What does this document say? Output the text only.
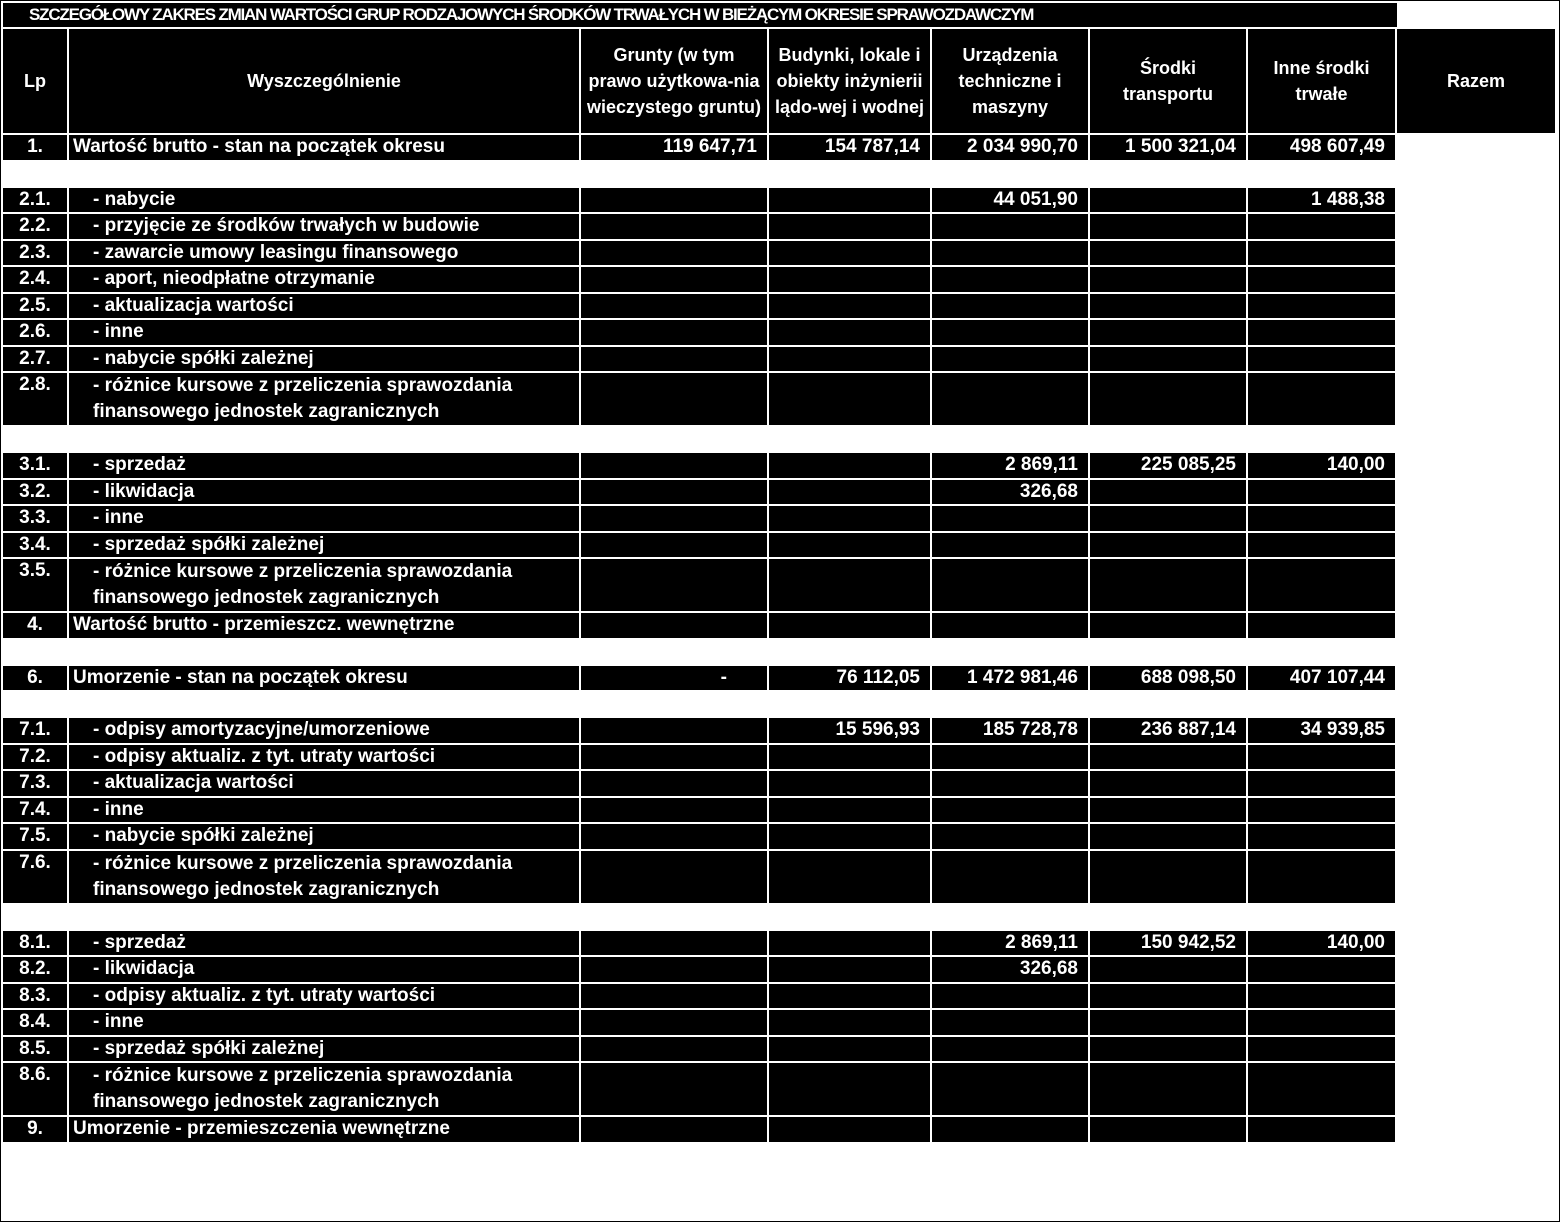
SZCZEGÓŁOWY ZAKRES ZMIAN WARTOŚCI GRUP RODZAJOWYCH ŚRODKÓW TRWAŁYCH W BIEŻĄCYM OKRESIE SPRAWOZDAWCZYM
Lp	Wyszczególnienie	Grunty (w tym prawo użytkowa-nia wieczystego gruntu)	Budynki, lokale i obiekty inżynierii lądo-wej i wodnej	Urządzenia techniczne i maszyny	Środki transportu	Inne środki trwałe	Razem
1.	Wartość brutto - stan na początek okresu	119 647,71	154 787,14	2 034 990,70	1 500 321,04	498 607,49	

2.1.	- nabycie			44 051,90		1 488,38	
2.2.	- przyjęcie ze środków trwałych w budowie						
2.3.	- zawarcie umowy leasingu finansowego						
2.4.	- aport, nieodpłatne otrzymanie						
2.5.	- aktualizacja wartości						
2.6.	- inne						
2.7.	- nabycie spółki zależnej						
2.8.	- różnice kursowe z przeliczenia sprawozdania finansowego jednostek zagranicznych						

3.1.	- sprzedaż			2 869,11	225 085,25	140,00	
3.2.	- likwidacja			326,68			
3.3.	- inne						
3.4.	- sprzedaż spółki zależnej						
3.5.	- różnice kursowe z przeliczenia sprawozdania finansowego jednostek zagranicznych						
4.	Wartość brutto - przemieszcz. wewnętrzne						

6.	Umorzenie - stan na początek okresu	-	76 112,05	1 472 981,46	688 098,50	407 107,44	

7.1.	- odpisy amortyzacyjne/umorzeniowe		15 596,93	185 728,78	236 887,14	34 939,85	
7.2.	- odpisy aktualiz. z tyt. utraty wartości						
7.3.	- aktualizacja wartości						
7.4.	- inne						
7.5.	- nabycie spółki zależnej						
7.6.	- różnice kursowe z przeliczenia sprawozdania finansowego jednostek zagranicznych						

8.1.	- sprzedaż			2 869,11	150 942,52	140,00	
8.2.	- likwidacja			326,68			
8.3.	- odpisy aktualiz. z tyt. utraty wartości						
8.4.	- inne						
8.5.	- sprzedaż spółki zależnej						
8.6.	- różnice kursowe z przeliczenia sprawozdania finansowego jednostek zagranicznych						
9.	Umorzenie - przemieszczenia wewnętrzne						
